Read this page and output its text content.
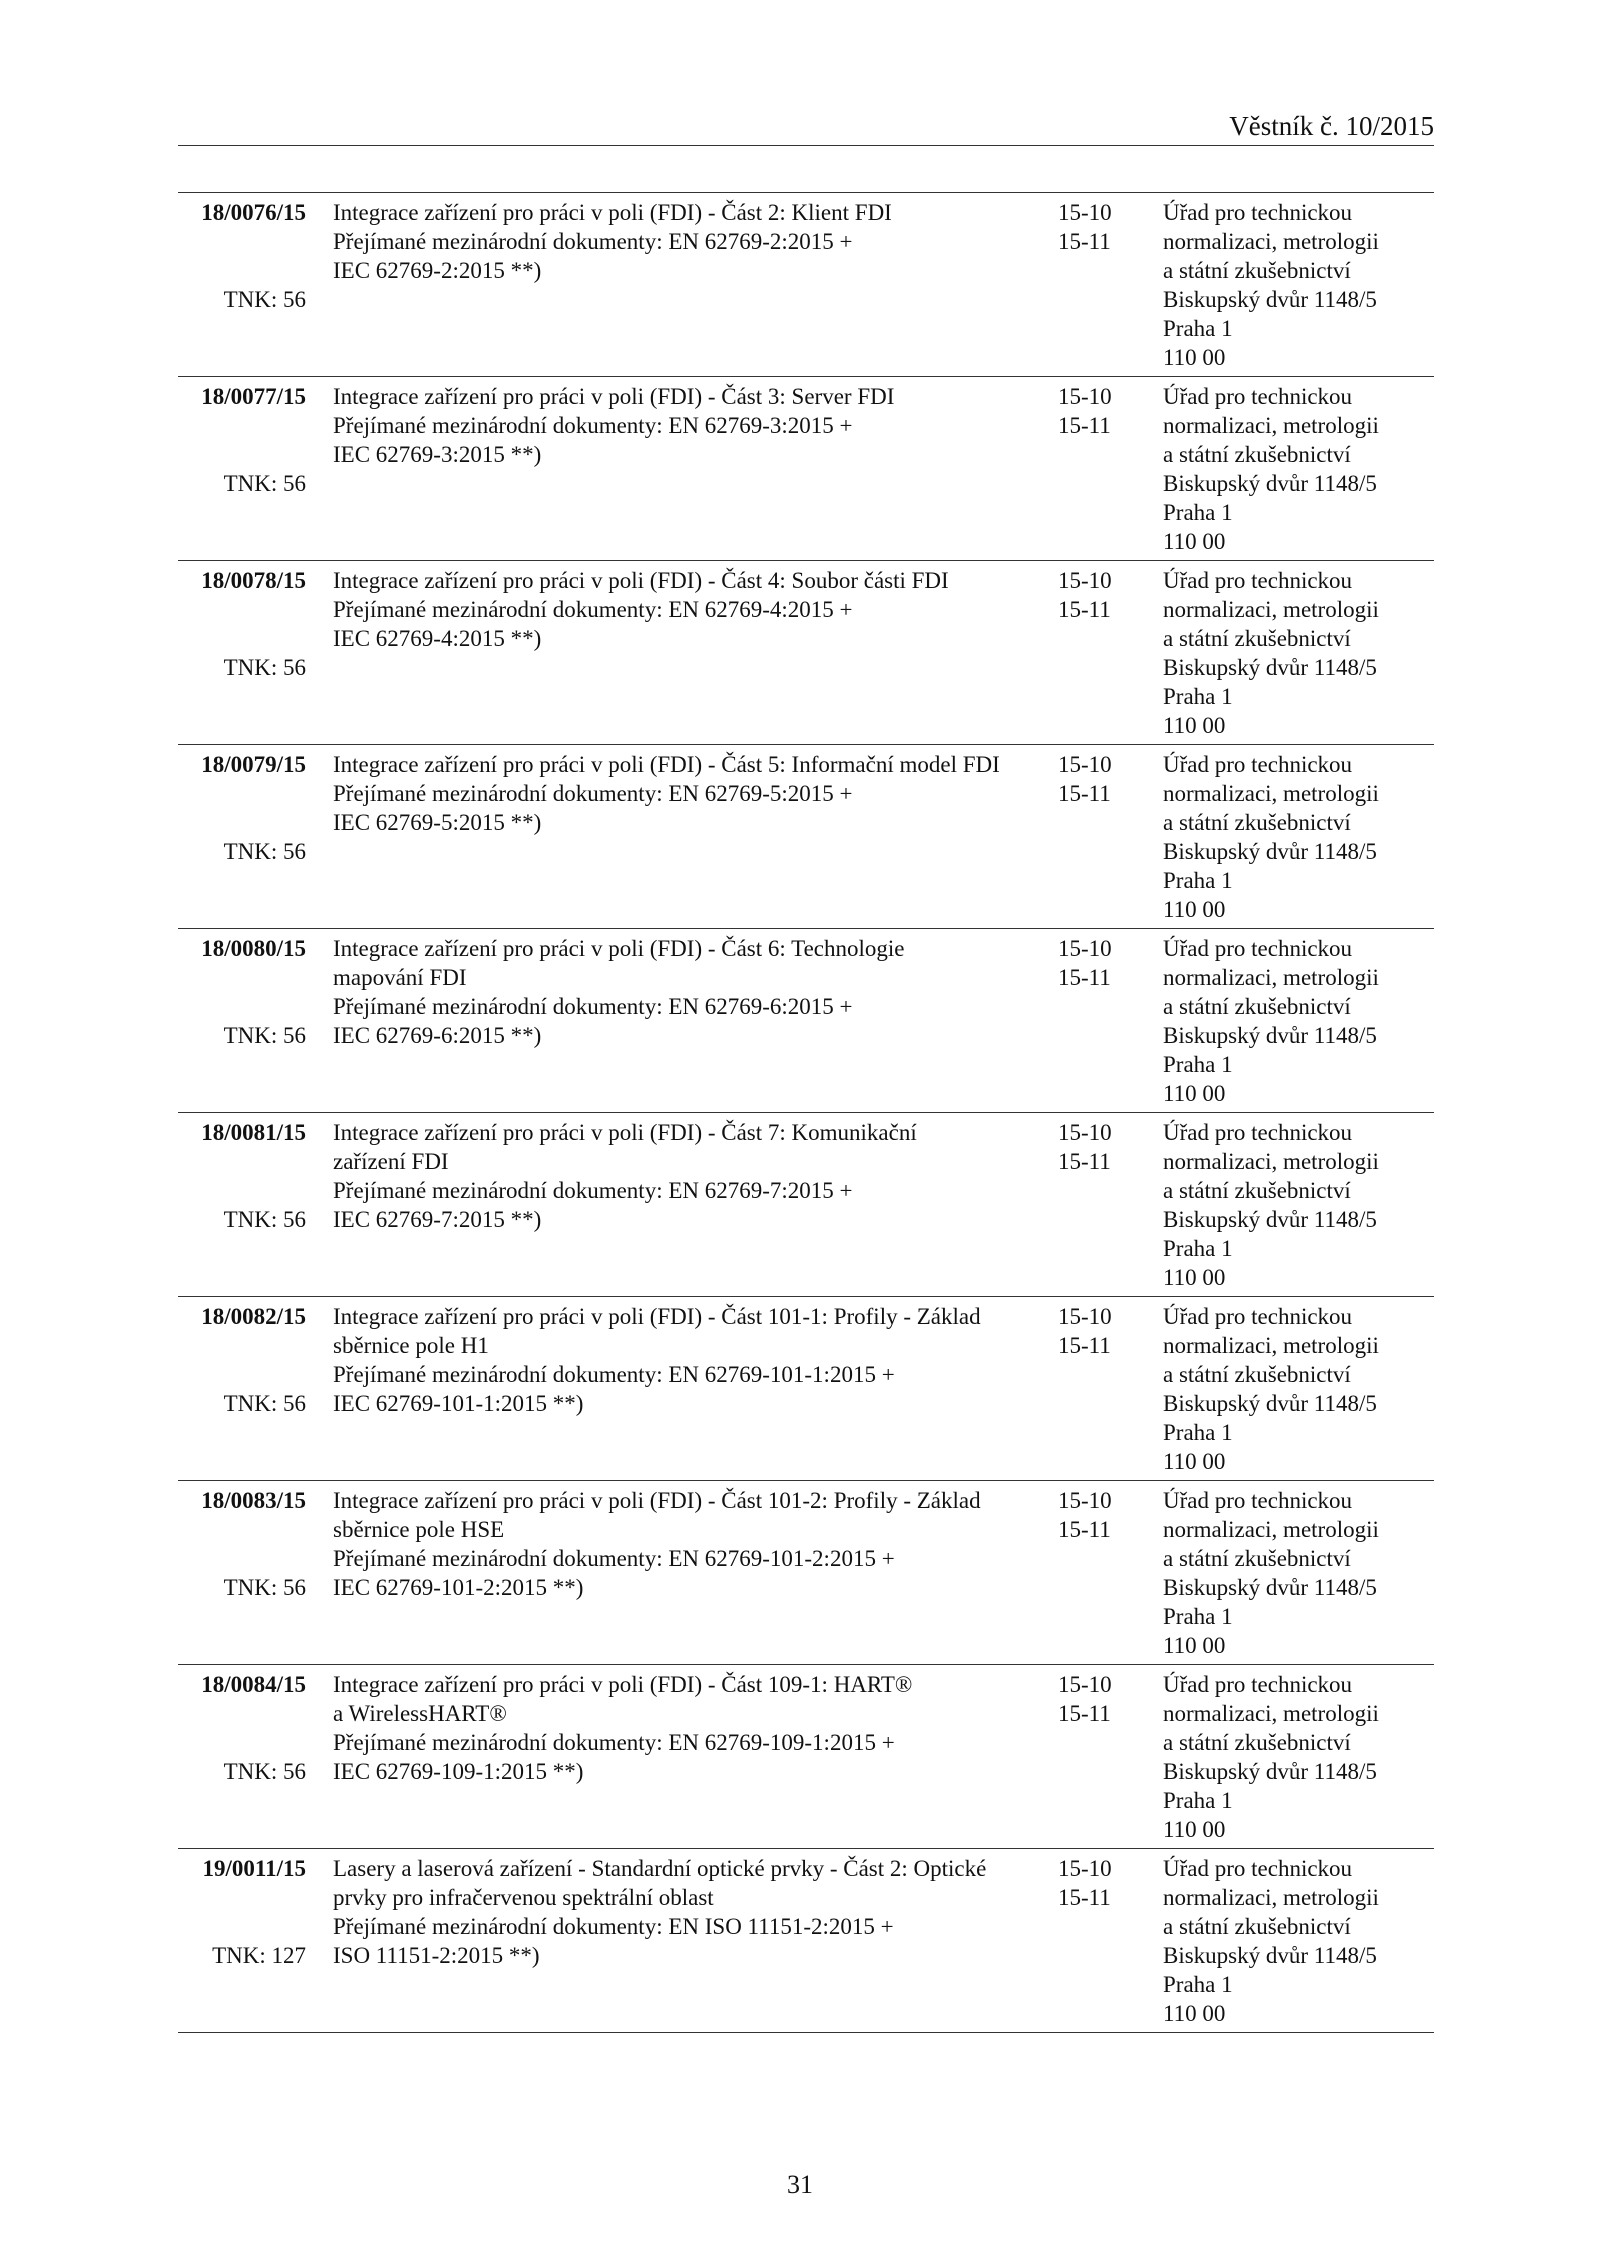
Věstník č. 10/2015
18/0076/15
TNK: 56
Integrace zařízení pro práci v poli (FDI) - Část 2: Klient FDI
Přejímané mezinárodní dokumenty: EN 62769-2:2015 +
IEC 62769-2:2015 **)
15-10
15-11
Úřad pro technickou
normalizaci, metrologii
a státní zkušebnictví
Biskupský dvůr 1148/5
Praha 1
110 00
18/0077/15
TNK: 56
Integrace zařízení pro práci v poli (FDI) - Část 3: Server FDI
Přejímané mezinárodní dokumenty: EN 62769-3:2015 +
IEC 62769-3:2015 **)
15-10
15-11
Úřad pro technickou
normalizaci, metrologii
a státní zkušebnictví
Biskupský dvůr 1148/5
Praha 1
110 00
18/0078/15
TNK: 56
Integrace zařízení pro práci v poli (FDI) - Část 4: Soubor části FDI
Přejímané mezinárodní dokumenty: EN 62769-4:2015 +
IEC 62769-4:2015 **)
15-10
15-11
Úřad pro technickou
normalizaci, metrologii
a státní zkušebnictví
Biskupský dvůr 1148/5
Praha 1
110 00
18/0079/15
TNK: 56
Integrace zařízení pro práci v poli (FDI) - Část 5: Informační model FDI
Přejímané mezinárodní dokumenty: EN 62769-5:2015 +
IEC 62769-5:2015 **)
15-10
15-11
Úřad pro technickou
normalizaci, metrologii
a státní zkušebnictví
Biskupský dvůr 1148/5
Praha 1
110 00
18/0080/15
TNK: 56
Integrace zařízení pro práci v poli (FDI) - Část 6: Technologie
mapování FDI
Přejímané mezinárodní dokumenty: EN 62769-6:2015 +
IEC 62769-6:2015 **)
15-10
15-11
Úřad pro technickou
normalizaci, metrologii
a státní zkušebnictví
Biskupský dvůr 1148/5
Praha 1
110 00
18/0081/15
TNK: 56
Integrace zařízení pro práci v poli (FDI) - Část 7: Komunikační
zařízení FDI
Přejímané mezinárodní dokumenty: EN 62769-7:2015 +
IEC 62769-7:2015 **)
15-10
15-11
Úřad pro technickou
normalizaci, metrologii
a státní zkušebnictví
Biskupský dvůr 1148/5
Praha 1
110 00
18/0082/15
TNK: 56
Integrace zařízení pro práci v poli (FDI) - Část 101-1: Profily - Základ
sběrnice pole H1
Přejímané mezinárodní dokumenty: EN 62769-101-1:2015 +
IEC 62769-101-1:2015 **)
15-10
15-11
Úřad pro technickou
normalizaci, metrologii
a státní zkušebnictví
Biskupský dvůr 1148/5
Praha 1
110 00
18/0083/15
TNK: 56
Integrace zařízení pro práci v poli (FDI) - Část 101-2: Profily - Základ
sběrnice pole HSE
Přejímané mezinárodní dokumenty: EN 62769-101-2:2015 +
IEC 62769-101-2:2015 **)
15-10
15-11
Úřad pro technickou
normalizaci, metrologii
a státní zkušebnictví
Biskupský dvůr 1148/5
Praha 1
110 00
18/0084/15
TNK: 56
Integrace zařízení pro práci v poli (FDI) - Část 109-1: HART®
a WirelessHART®
Přejímané mezinárodní dokumenty: EN 62769-109-1:2015 +
IEC 62769-109-1:2015 **)
15-10
15-11
Úřad pro technickou
normalizaci, metrologii
a státní zkušebnictví
Biskupský dvůr 1148/5
Praha 1
110 00
19/0011/15
TNK: 127
Lasery a laserová zařízení - Standardní optické prvky - Část 2: Optické
prvky pro infračervenou spektrální oblast
Přejímané mezinárodní dokumenty: EN ISO 11151-2:2015 +
ISO 11151-2:2015 **)
15-10
15-11
Úřad pro technickou
normalizaci, metrologii
a státní zkušebnictví
Biskupský dvůr 1148/5
Praha 1
110 00
31
